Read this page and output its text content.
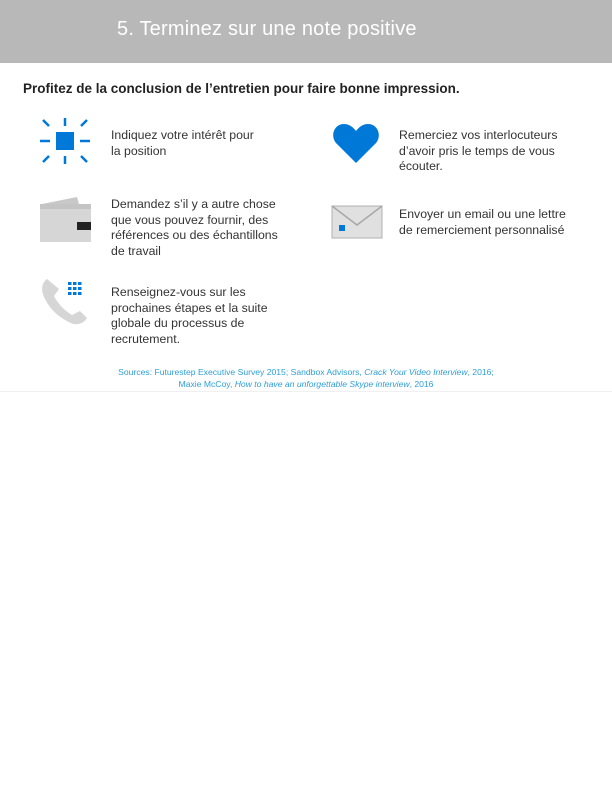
5. Terminez sur une note positive
Profitez de la conclusion de l’entretien pour faire bonne impression.
Indiquez votre intérêt pour
la position
Remerciez vos interlocuteurs
d’avoir pris le temps de vous
écouter.
Demandez s’il y a autre chose
que vous pouvez fournir, des
références ou des échantillons
de travail
Envoyer un email ou une lettre
de remerciement personnalisé
Renseignez-vous sur les
prochaines étapes et la suite
globale du processus de
recrutement.
Sources: Futurestep Executive Survey 2015; Sandbox Advisors, Crack Your Video Interview, 2016;
Maxie McCoy, How to have an unforgettable Skype interview, 2016
